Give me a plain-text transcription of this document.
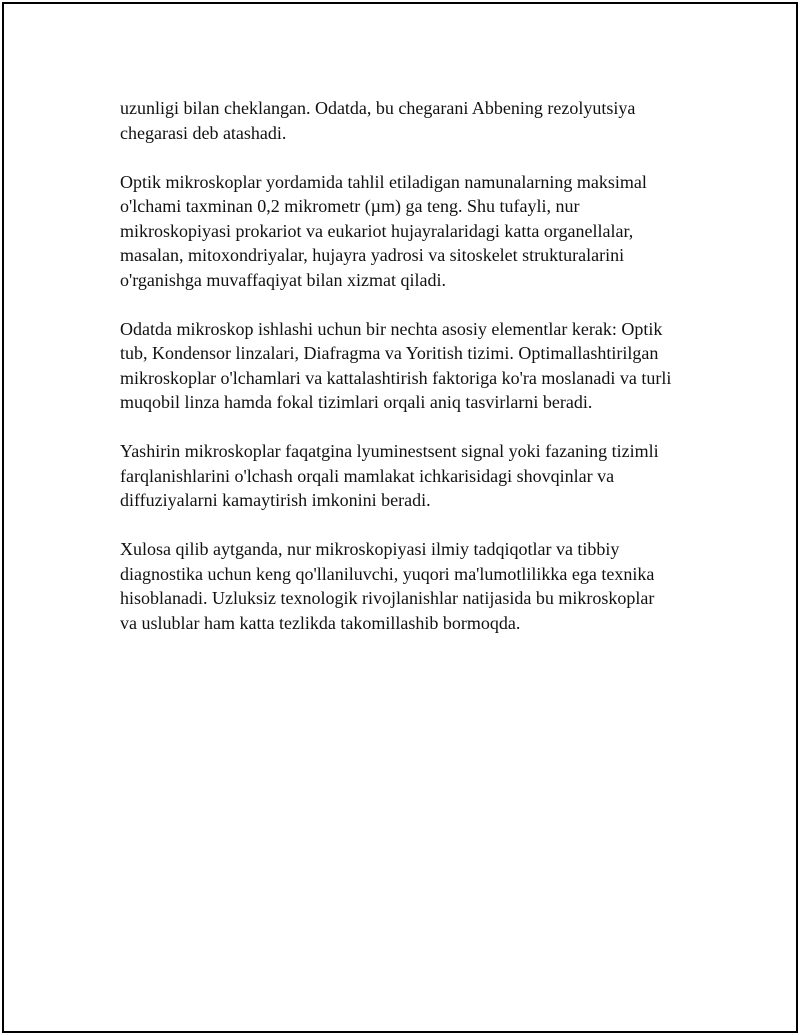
uzunligi bilan cheklangan. Odatda, bu chegarani Abbening rezolyutsiya
chegarasi deb atashadi.

Optik mikroskoplar yordamida tahlil etiladigan namunalarning maksimal
o'lchami taxminan 0,2 mikrometr (µm) ga teng. Shu tufayli, nur
mikroskopiyasi prokariot va eukariot hujayralaridagi katta organellalar,
masalan, mitoxondriyalar, hujayra yadrosi va sitoskelet strukturalarini
o'rganishga muvaffaqiyat bilan xizmat qiladi.

Odatda mikroskop ishlashi uchun bir nechta asosiy elementlar kerak: Optik
tub, Kondensor linzalari, Diafragma va Yoritish tizimi. Optimallashtirilgan
mikroskoplar o'lchamlari va kattalashtirish faktoriga ko'ra moslanadi va turli
muqobil linza hamda fokal tizimlari orqali aniq tasvirlarni beradi.

Yashirin mikroskoplar faqatgina lyuminestsent signal yoki fazaning tizimli
farqlanishlarini o'lchash orqali mamlakat ichkarisidagi shovqinlar va
diffuziyalarni kamaytirish imkonini beradi.

Xulosa qilib aytganda, nur mikroskopiyasi ilmiy tadqiqotlar va tibbiy
diagnostika uchun keng qo'llaniluvchi, yuqori ma'lumotlilikka ega texnika
hisoblanadi. Uzluksiz texnologik rivojlanishlar natijasida bu mikroskoplar
va uslublar ham katta tezlikda takomillashib bormoqda.
